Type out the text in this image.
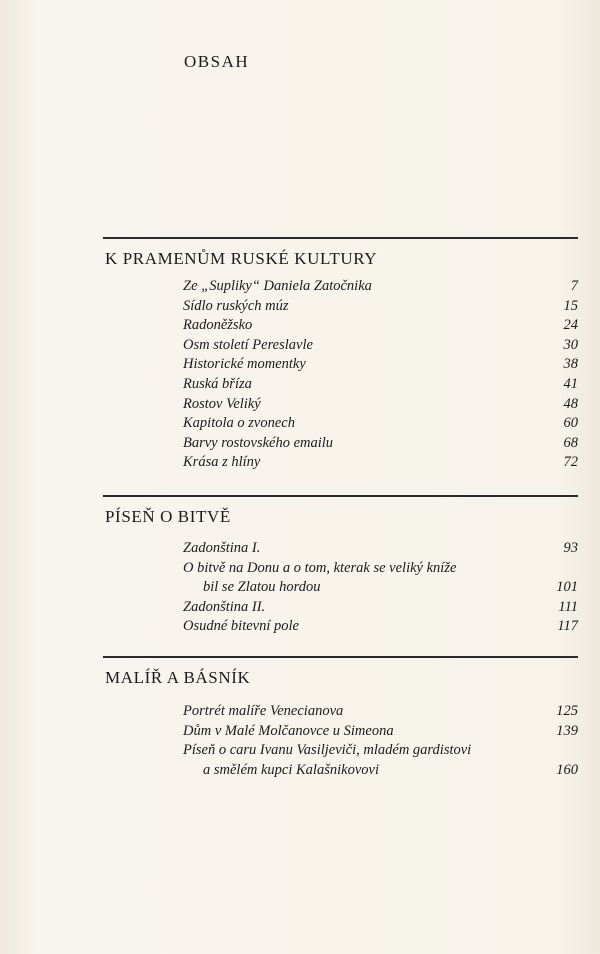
OBSAH
K PRAMENŮM RUSKÉ KULTURY
Ze „Supliky“ Daniela Zatočnika	7
Sídlo ruských múz	15
Radoněžsko	24
Osm století Pereslavle	30
Historické momentky	38
Ruská bříza	41
Rostov Veliký	48
Kapitola o zvonech	60
Barvy rostovského emailu	68
Krása z hlíny	72
PÍSEŇ O BITVĚ
Zadonština I.	93
O bitvě na Donu a o tom, kterak se veliký kníže
bil se Zlatou hordou	101
Zadonština II.	111
Osudné bitevní pole	117
MALÍŘ A BÁSNÍK
Portrét malíře Venecianova	125
Dům v Malé Molčanovce u Simeona	139
Píseň o caru Ivanu Vasiljeviči, mladém gardistovi
a smělém kupci Kalašnikovovi	160
